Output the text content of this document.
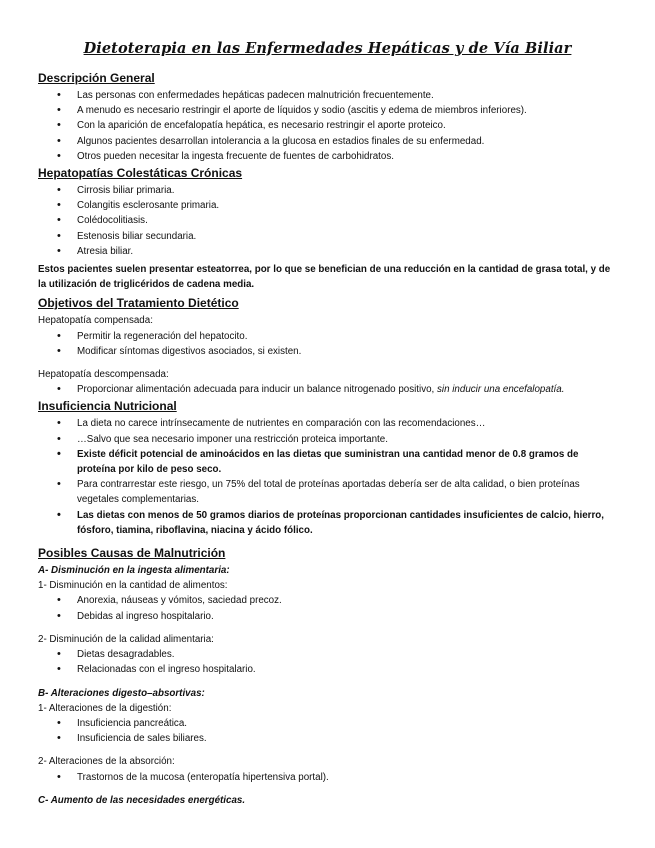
Dietoterapia en las Enfermedades Hepáticas y de Vía Biliar
Descripción General
• Las personas con enfermedades hepáticas padecen malnutrición frecuentemente.
• A menudo es necesario restringir el aporte de líquidos y sodio (ascitis y edema de miembros inferiores).
• Con la aparición de encefalopatía hepática, es necesario restringir el aporte proteico.
• Algunos pacientes desarrollan intolerancia a la glucosa en estadios finales de su enfermedad.
• Otros pueden necesitar la ingesta frecuente de fuentes de carbohidratos.
Hepatopatías Colestáticas Crónicas
• Cirrosis biliar primaria.
• Colangitis esclerosante primaria.
• Colédocolitiasis.
• Estenosis biliar secundaria.
• Atresia biliar.

Estos pacientes suelen presentar esteatorrea, por lo que se benefician de una reducción en la cantidad de grasa total, y de la utilización de triglicéridos de cadena media.

Objetivos del Tratamiento Dietético

Hepatopatía compensada:

• Permitir la regeneración del hepatocito.
• Modificar síntomas digestivos asociados, si existen.

Hepatopatía descompensada:

• Proporcionar alimentación adecuada para inducir un balance nitrogenado positivo, sin inducir una encefalopatía.
Insuficiencia Nutricional
• La dieta no carece intrínsecamente de nutrientes en comparación con las recomendaciones…
• …Salvo que sea necesario imponer una restricción proteica importante.
• Existe déficit potencial de aminoácidos en las dietas que suministran una cantidad menor de 0.8 gramos de proteína por kilo de peso seco.
• Para contrarrestar este riesgo, un 75% del total de proteínas aportadas debería ser de alta calidad, o bien proteínas vegetales complementarias.
• Las dietas con menos de 50 gramos diarios de proteínas proporcionan cantidades insuficientes de calcio, hierro, fósforo, tiamina, riboflavina, niacina y ácido fólico.
Posibles Causas de Malnutrición
A- Disminución en la ingesta alimentaria:
1- Disminución en la cantidad de alimentos:
• Anorexia, náuseas y vómitos, saciedad precoz.
• Debidas al ingreso hospitalario.
2- Disminución de la calidad alimentaria:
• Dietas desagradables.
• Relacionadas con el ingreso hospitalario.
B- Alteraciones digesto–absortivas:
1- Alteraciones de la digestión:
• Insuficiencia pancreática.
• Insuficiencia de sales biliares.
2- Alteraciones de la absorción:
• Trastornos de la mucosa (enteropatía hipertensiva portal).
C- Aumento de las necesidades energéticas.
